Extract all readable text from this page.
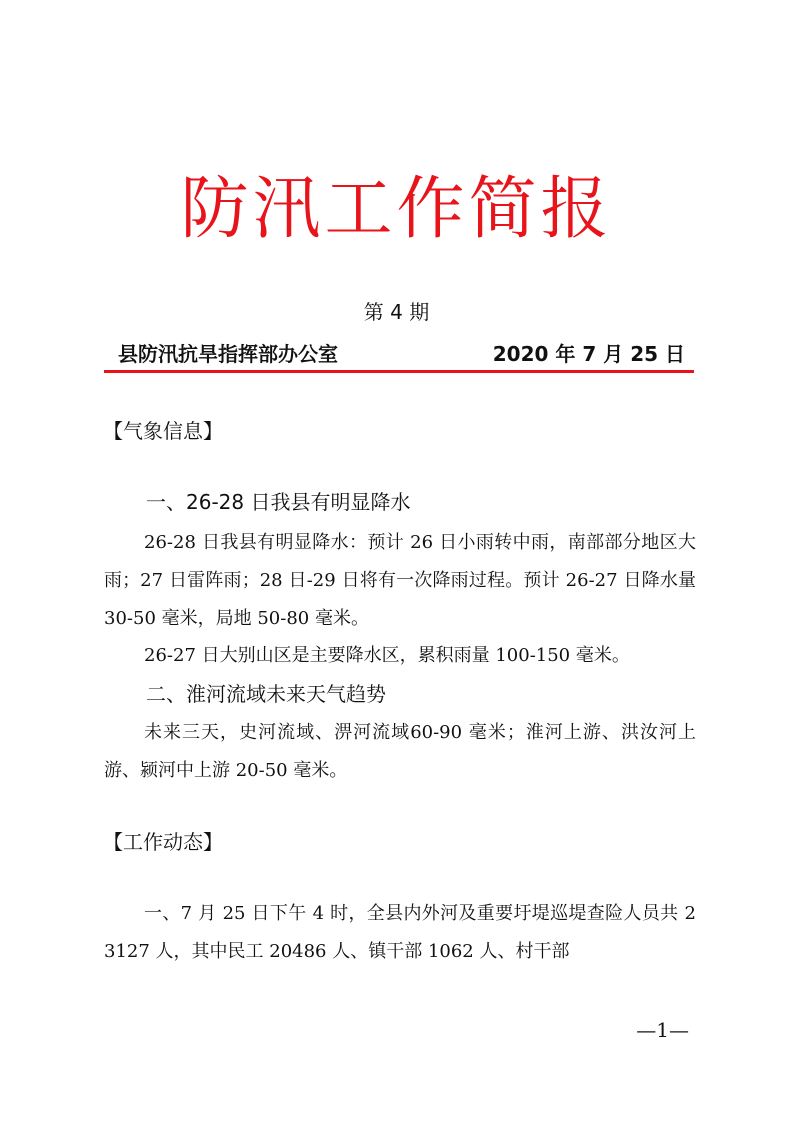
防汛工作简报
第 4 期
县防汛抗旱指挥部办公室	2020 年 7 月 25 日
【气象信息】
一、26-28 日我县有明显降水

26-28 日我县有明显降水：预计 26 日小雨转中雨，南部部分地区大雨；27 日雷阵雨；28 日-29 日将有一次降雨过程。预计 26-27 日降水量 30-50 毫米，局地 50-80 毫米。

26-27 日大别山区是主要降水区，累积雨量 100-150 毫米。

二、淮河流域未来天气趋势

未来三天，史河流域、淠河流域60-90 毫米；淮河上游、洪汝河上游、颍河中上游 20-50 毫米。

【工作动态】

一、7 月 25 日下午 4 时，全县内外河及重要圩堤巡堤查险人员共 23127 人，其中民工 20486 人、镇干部 1062 人、村干部

—1—
